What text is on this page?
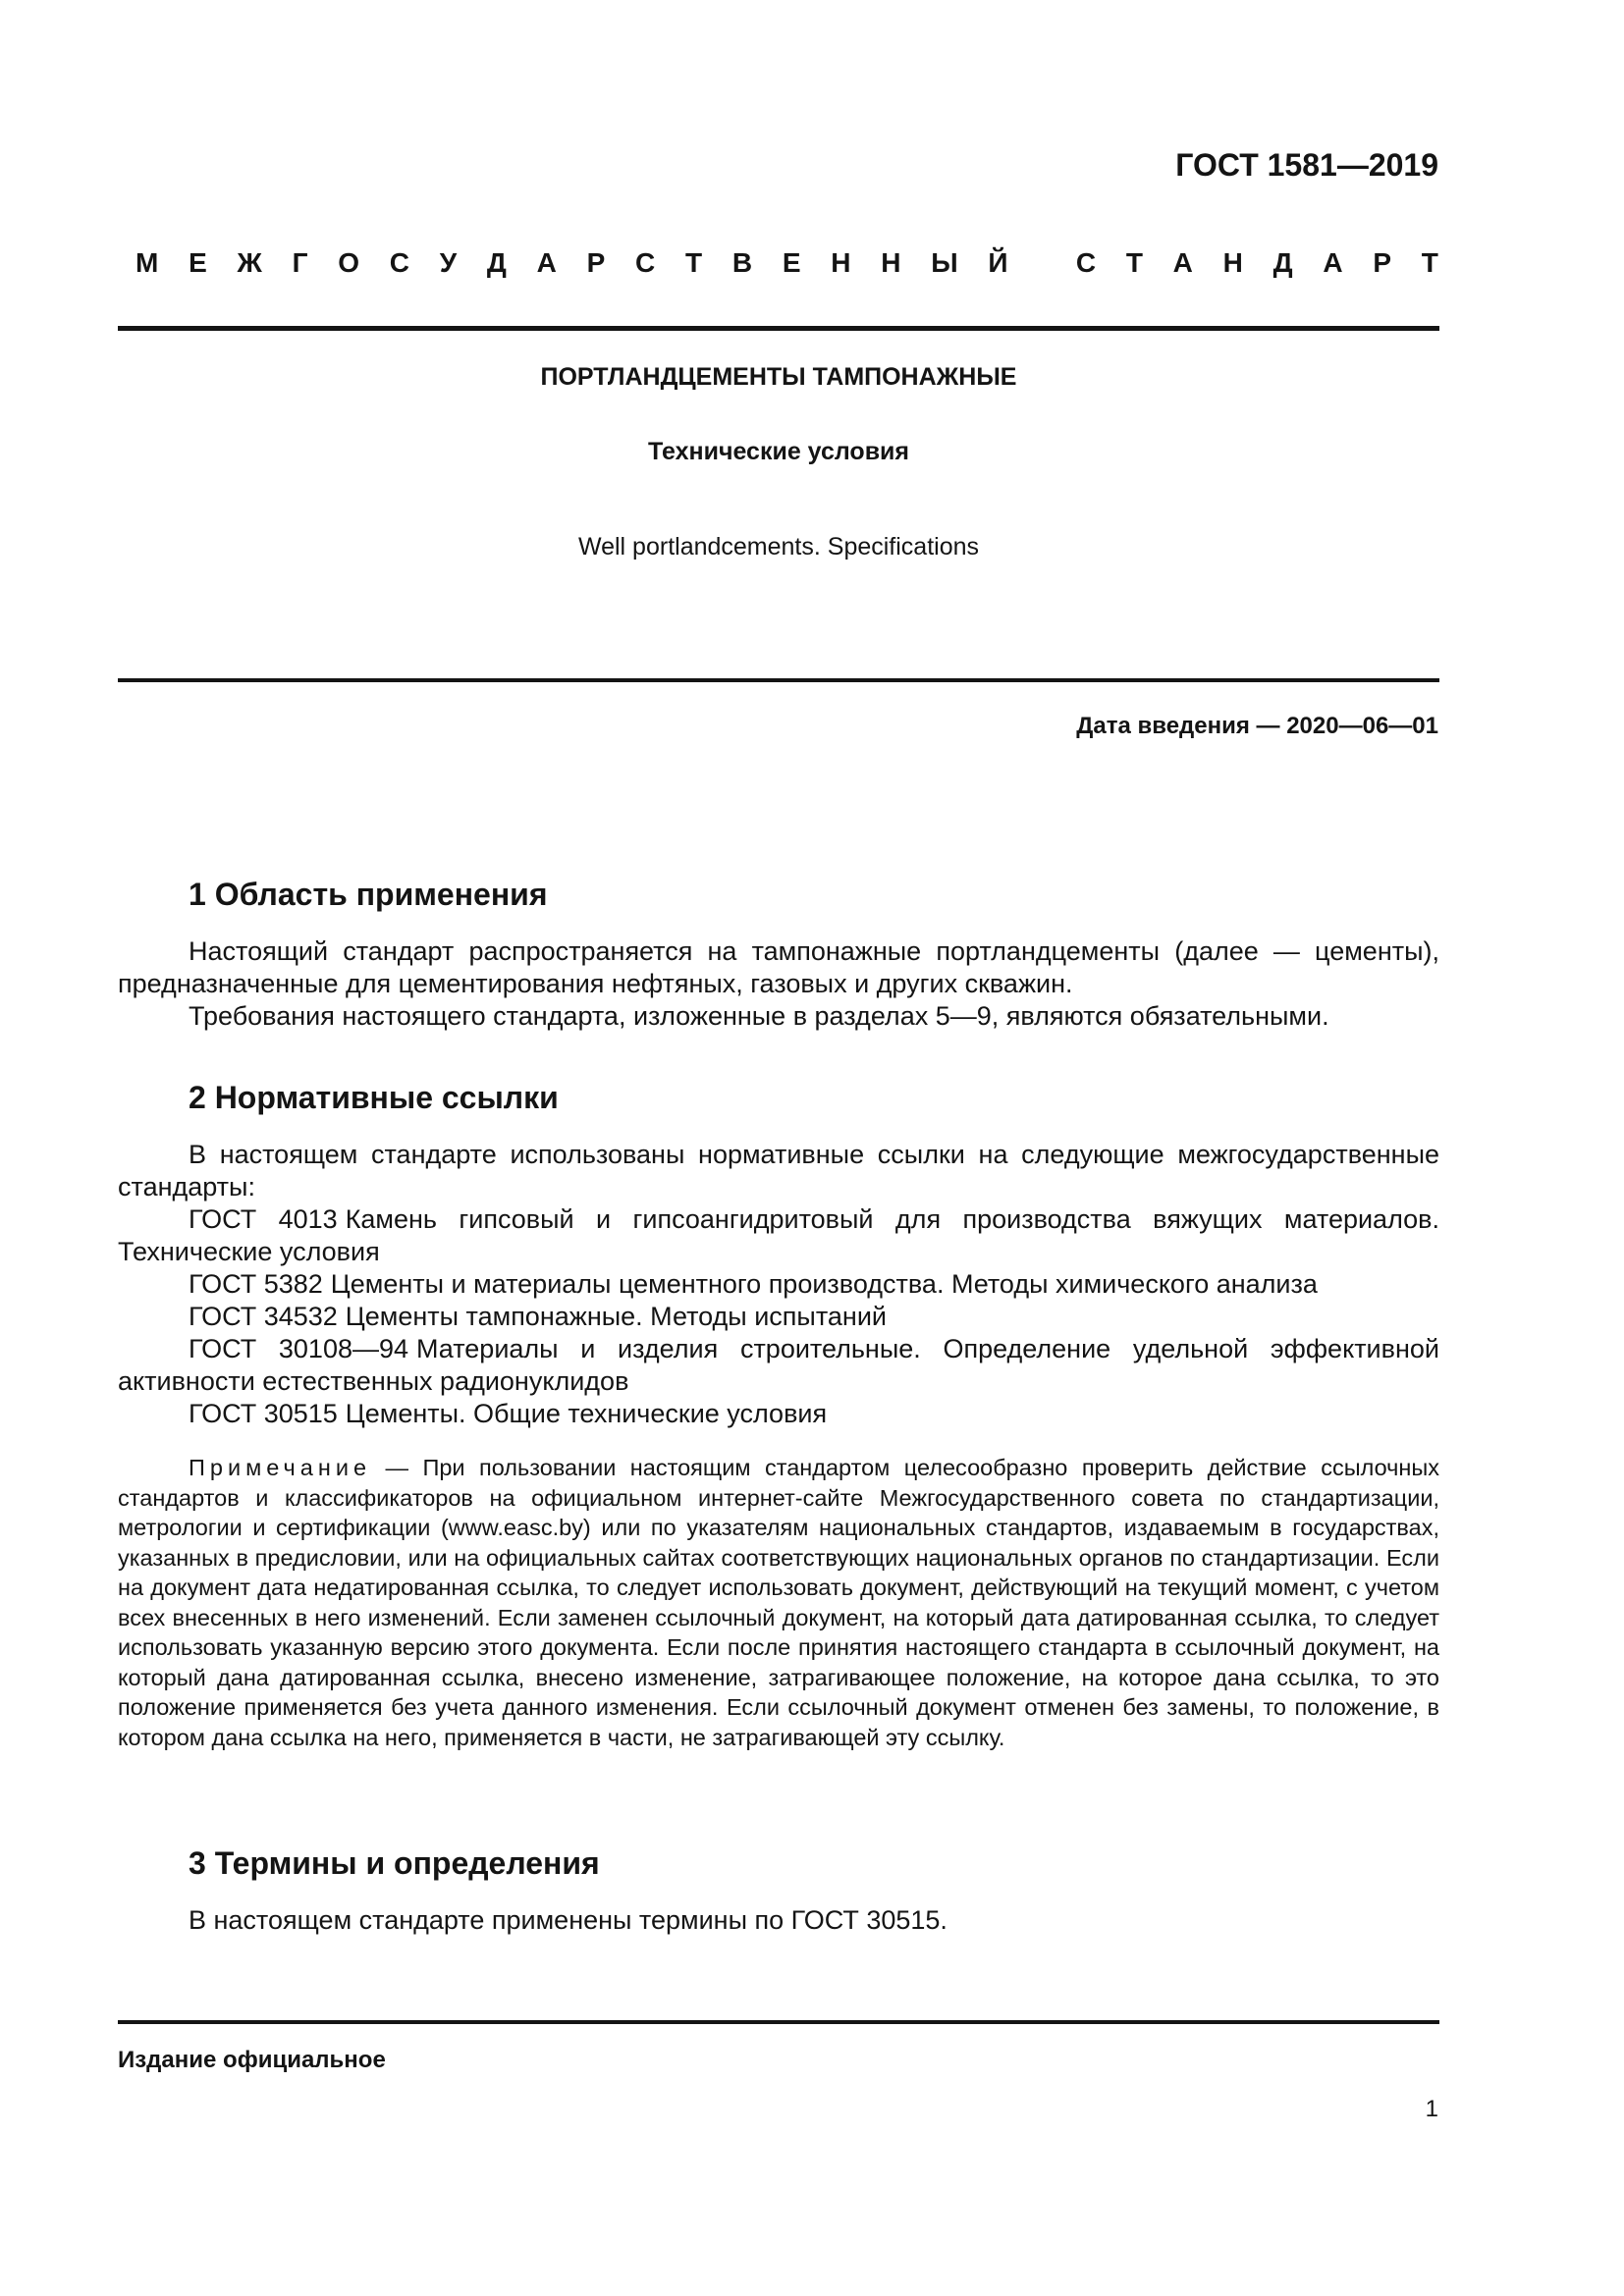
ГОСТ 1581—2019
М Е Ж Г О С У Д А Р С Т В Е Н Н Ы Й
С Т А Н Д А Р Т
ПОРТЛАНДЦЕМЕНТЫ ТАМПОНАЖНЫЕ
Технические условия
Well portlandcements. Specifications
Дата введения — 2020—06—01
1 Область применения

Настоящий стандарт распространяется на тампонажные портландцементы (далее — цементы), предназначенные для цементирования нефтяных, газовых и других скважин.

Требования настоящего стандарта, изложенные в разделах 5—9, являются обязательными.

2 Нормативные ссылки

В настоящем стандарте использованы нормативные ссылки на следующие межгосударственные стандарты:

ГОСТ 4013 Камень гипсовый и гипсоангидритовый для производства вяжущих материалов. Технические условия

ГОСТ 5382 Цементы и материалы цементного производства. Методы химического анализа

ГОСТ 34532 Цементы тампонажные. Методы испытаний

ГОСТ 30108—94 Материалы и изделия строительные. Определение удельной эффективной активности естественных радионуклидов

ГОСТ 30515 Цементы. Общие технические условия

Примечание — При пользовании настоящим стандартом целесообразно проверить действие ссылочных стандартов и классификаторов на официальном интернет-сайте Межгосударственного совета по стандартизации, метрологии и сертификации (www.easc.by) или по указателям национальных стандартов, издаваемым в государствах, указанных в предисловии, или на официальных сайтах соответствующих национальных органов по стандартизации. Если на документ дата недатированная ссылка, то следует использовать документ, действующий на текущий момент, с учетом всех внесенных в него изменений. Если заменен ссылочный документ, на который дата датированная ссылка, то следует использовать указанную версию этого документа. Если после принятия настоящего стандарта в ссылочный документ, на который дана датированная ссылка, внесено изменение, затрагивающее положение, на которое дана ссылка, то это положение применяется без учета данного изменения. Если ссылочный документ отменен без замены, то положение, в котором дана ссылка на него, применяется в части, не затрагивающей эту ссылку.

3 Термины и определения

В настоящем стандарте применены термины по ГОСТ 30515.

Издание официальное
1
